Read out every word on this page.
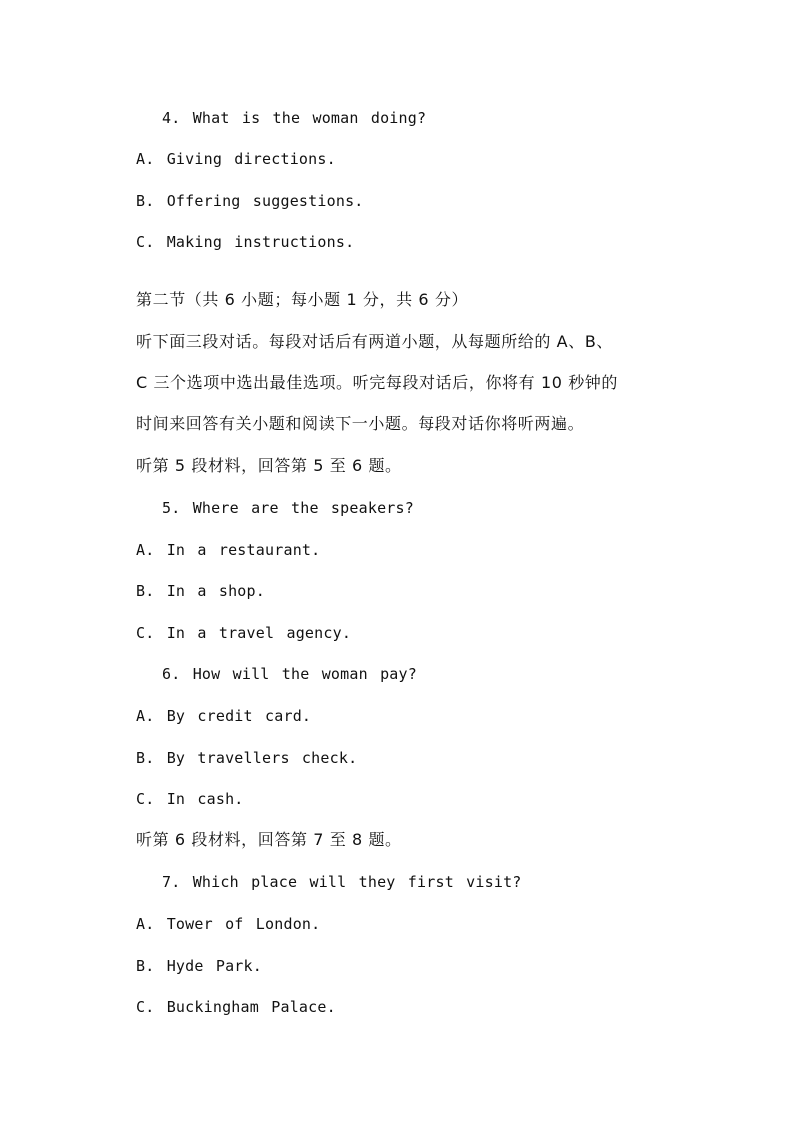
4. What is the woman doing?
A. Giving directions.
B. Offering suggestions.
C. Making instructions.
第二节（共 6 小题；每小题 1 分，共 6 分）
听下面三段对话。每段对话后有两道小题，从每题所给的 A、B、
C 三个选项中选出最佳选项。听完每段对话后，你将有 10 秒钟的
时间来回答有关小题和阅读下一小题。每段对话你将听两遍。
听第 5 段材料，回答第 5 至 6 题。
5. Where are the speakers?
A. In a restaurant.
B. In a shop.
C. In a travel agency.
6. How will the woman pay?
A. By credit card.
B. By travellers check.
C. In cash.
听第 6 段材料，回答第 7 至 8 题。
7. Which place will they first visit?
A. Tower of London.
B. Hyde Park.
C. Buckingham Palace.
